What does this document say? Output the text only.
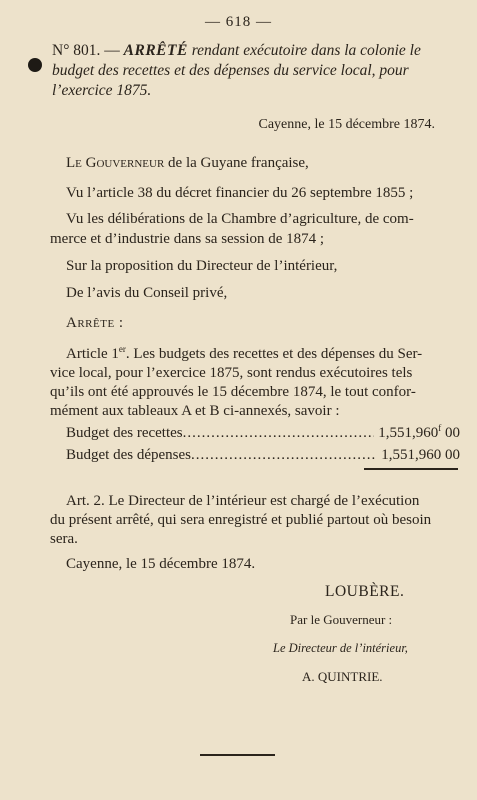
— 618 —
N° 801. — ARRÊTÉ rendant exécutoire dans la colonie le
budget des recettes et des dépenses du service local, pour
l’exercice 1875.
Cayenne, le 15 décembre 1874.
Le Gouverneur de la Guyane française,
Vu l’article 38 du décret financier du 26 septembre 1855 ;
Vu les délibérations de la Chambre d’agriculture, de com-
merce et d’industrie dans sa session de 1874 ;
Sur la proposition du Directeur de l’intérieur,
De l’avis du Conseil privé,
Arrête :
Article 1er. Les budgets des recettes et des dépenses du Ser-
vice local, pour l’exercice 1875, sont rendus exécutoires tels
qu’ils ont été approuvés le 15 décembre 1874, le tout confor-
mément aux tableaux A et B ci-annexés, savoir :
Budget des recettes .....	1,551,960$^f$ 00
Budget des dépenses .....	1,551,960 00
Art. 2. Le Directeur de l’intérieur est chargé de l’exécution
du présent arrêté, qui sera enregistré et publié partout où besoin
sera.
Cayenne, le 15 décembre 1874.
LOUBÈRE.
Par le Gouverneur :
Le Directeur de l’intérieur,
A. QUINTRIE.
